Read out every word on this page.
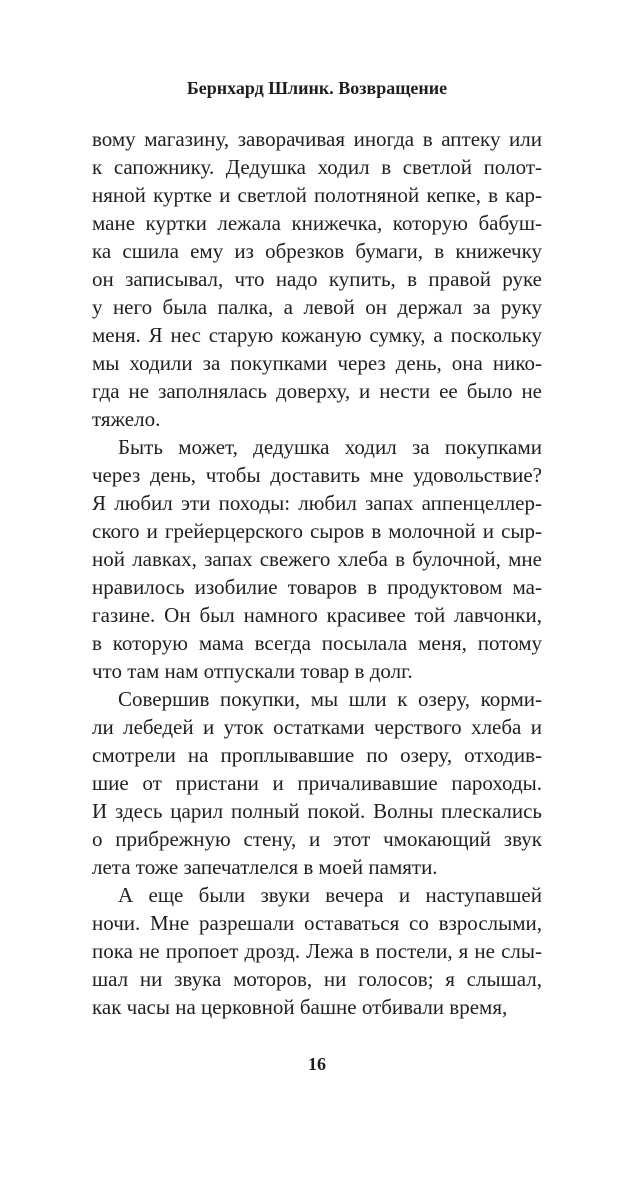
Бернхард Шлинк. Возвращение
вому магазину, заворачивая иногда в аптеку или
к сапожнику. Дедушка ходил в светлой полот-
няной куртке и светлой полотняной кепке, в кар-
мане куртки лежала книжечка, которую бабуш-
ка сшила ему из обрезков бумаги, в книжечку
он записывал, что надо купить, в правой руке
у него была палка, а левой он держал за руку
меня. Я нес старую кожаную сумку, а поскольку
мы ходили за покупками через день, она нико-
гда не заполнялась доверху, и нести ее было не
тяжело.
Быть может, дедушка ходил за покупками
через день, чтобы доставить мне удовольствие?
Я любил эти походы: любил запах аппенцеллер-
ского и грейерцерского сыров в молочной и сыр-
ной лавках, запах свежего хлеба в булочной, мне
нравилось изобилие товаров в продуктовом ма-
газине. Он был намного красивее той лавчонки,
в которую мама всегда посылала меня, потому
что там нам отпускали товар в долг.
Совершив покупки, мы шли к озеру, корми-
ли лебедей и уток остатками черствого хлеба и
смотрели на проплывавшие по озеру, отходив-
шие от пристани и причаливавшие пароходы.
И здесь царил полный покой. Волны плескались
о прибрежную стену, и этот чмокающий звук
лета тоже запечатлелся в моей памяти.
А еще были звуки вечера и наступавшей
ночи. Мне разрешали оставаться со взрослыми,
пока не пропоет дрозд. Лежа в постели, я не слы-
шал ни звука моторов, ни голосов; я слышал,
как часы на церковной башне отбивали время,
16
